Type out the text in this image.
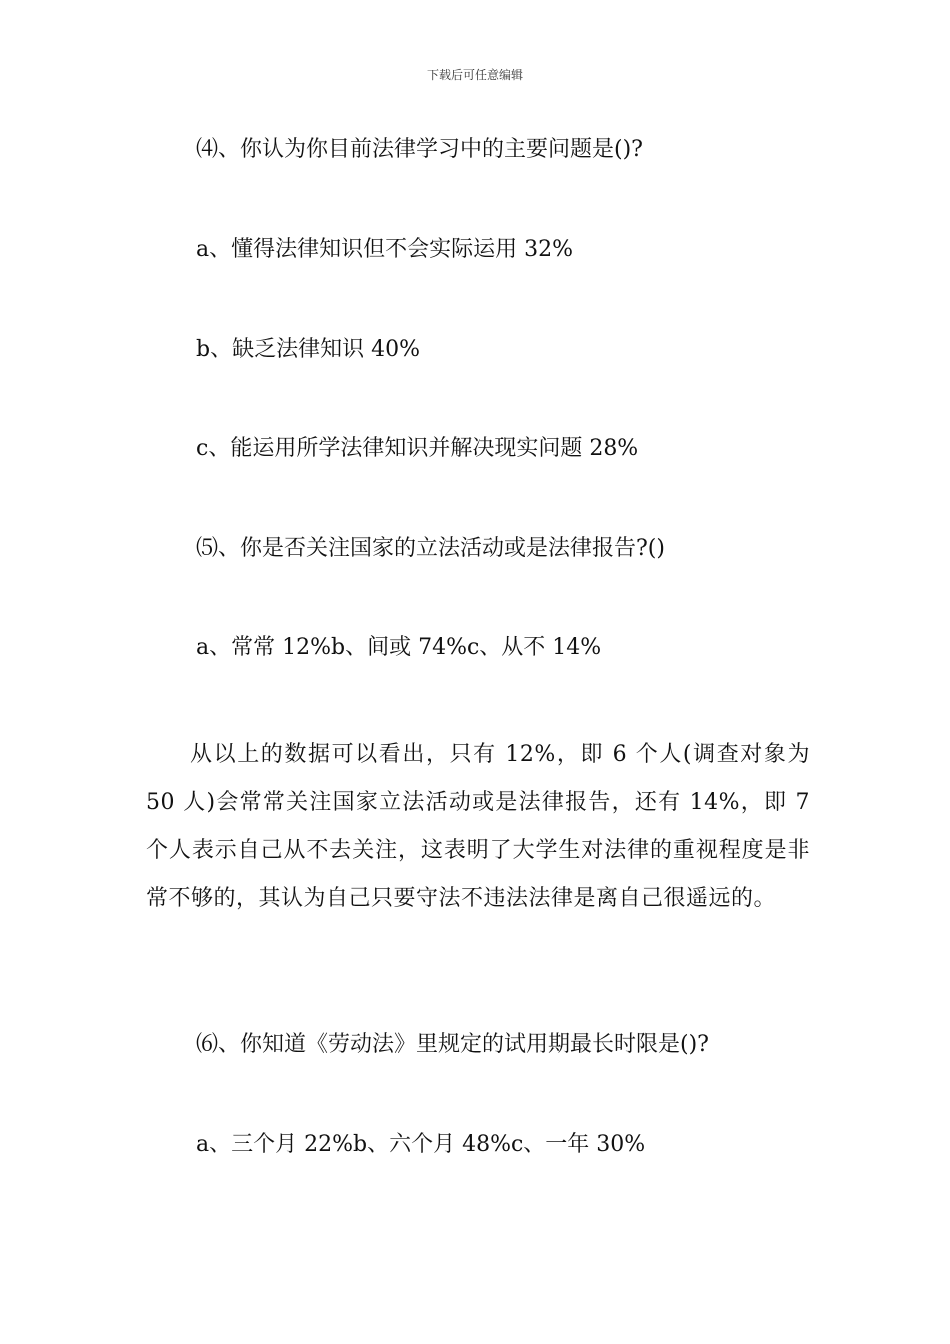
下载后可任意编辑
⑷、你认为你目前法律学习中的主要问题是()?
a、懂得法律知识但不会实际运用 32%
b、缺乏法律知识 40%
c、能运用所学法律知识并解决现实问题 28%
⑸、你是否关注国家的立法活动或是法律报告?()
a、常常 12%b、间或 74%c、从不 14%
从以上的数据可以看出，只有 12%，即 6 个人(调查对象为 50 人)会常常关注国家立法活动或是法律报告，还有 14%，即 7 个人表示自己从不去关注，这表明了大学生对法律的重视程度是非常不够的，其认为自己只要守法不违法法律是离自己很遥远的。
⑹、你知道《劳动法》里规定的试用期最长时限是()?
a、三个月 22%b、六个月 48%c、一年 30%
